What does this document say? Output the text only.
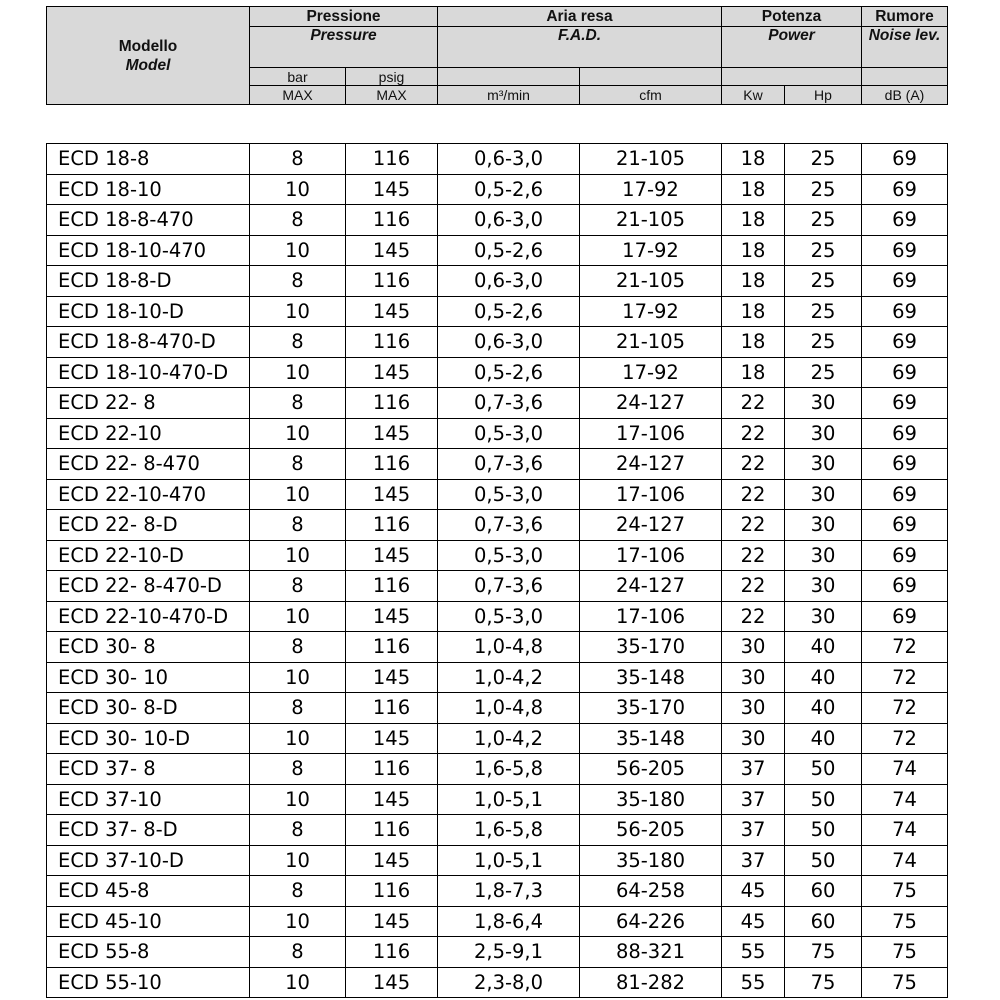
Modello
Model	Pressione		Aria resa		Potenza		Rumore
	Pressure		F.A.D.		Power		Noise lev.
	bar	psig					
	MAX	MAX	m³/min	cfm	Kw	Hp	dB (A)
ECD 18-8	8	116	0,6-3,0	21-105	18	25	69
ECD 18-10	10	145	0,5-2,6	17-92	18	25	69
ECD 18-8-470	8	116	0,6-3,0	21-105	18	25	69
ECD 18-10-470	10	145	0,5-2,6	17-92	18	25	69
ECD 18-8-D	8	116	0,6-3,0	21-105	18	25	69
ECD 18-10-D	10	145	0,5-2,6	17-92	18	25	69
ECD 18-8-470-D	8	116	0,6-3,0	21-105	18	25	69
ECD 18-10-470-D	10	145	0,5-2,6	17-92	18	25	69
ECD 22- 8	8	116	0,7-3,6	24-127	22	30	69
ECD 22-10	10	145	0,5-3,0	17-106	22	30	69
ECD 22- 8-470	8	116	0,7-3,6	24-127	22	30	69
ECD 22-10-470	10	145	0,5-3,0	17-106	22	30	69
ECD 22- 8-D	8	116	0,7-3,6	24-127	22	30	69
ECD 22-10-D	10	145	0,5-3,0	17-106	22	30	69
ECD 22- 8-470-D	8	116	0,7-3,6	24-127	22	30	69
ECD 22-10-470-D	10	145	0,5-3,0	17-106	22	30	69
ECD 30- 8	8	116	1,0-4,8	35-170	30	40	72
ECD 30- 10	10	145	1,0-4,2	35-148	30	40	72
ECD 30- 8-D	8	116	1,0-4,8	35-170	30	40	72
ECD 30- 10-D	10	145	1,0-4,2	35-148	30	40	72
ECD 37- 8	8	116	1,6-5,8	56-205	37	50	74
ECD 37-10	10	145	1,0-5,1	35-180	37	50	74
ECD 37- 8-D	8	116	1,6-5,8	56-205	37	50	74
ECD 37-10-D	10	145	1,0-5,1	35-180	37	50	74
ECD 45-8	8	116	1,8-7,3	64-258	45	60	75
ECD 45-10	10	145	1,8-6,4	64-226	45	60	75
ECD 55-8	8	116	2,5-9,1	88-321	55	75	75
ECD 55-10	10	145	2,3-8,0	81-282	55	75	75
